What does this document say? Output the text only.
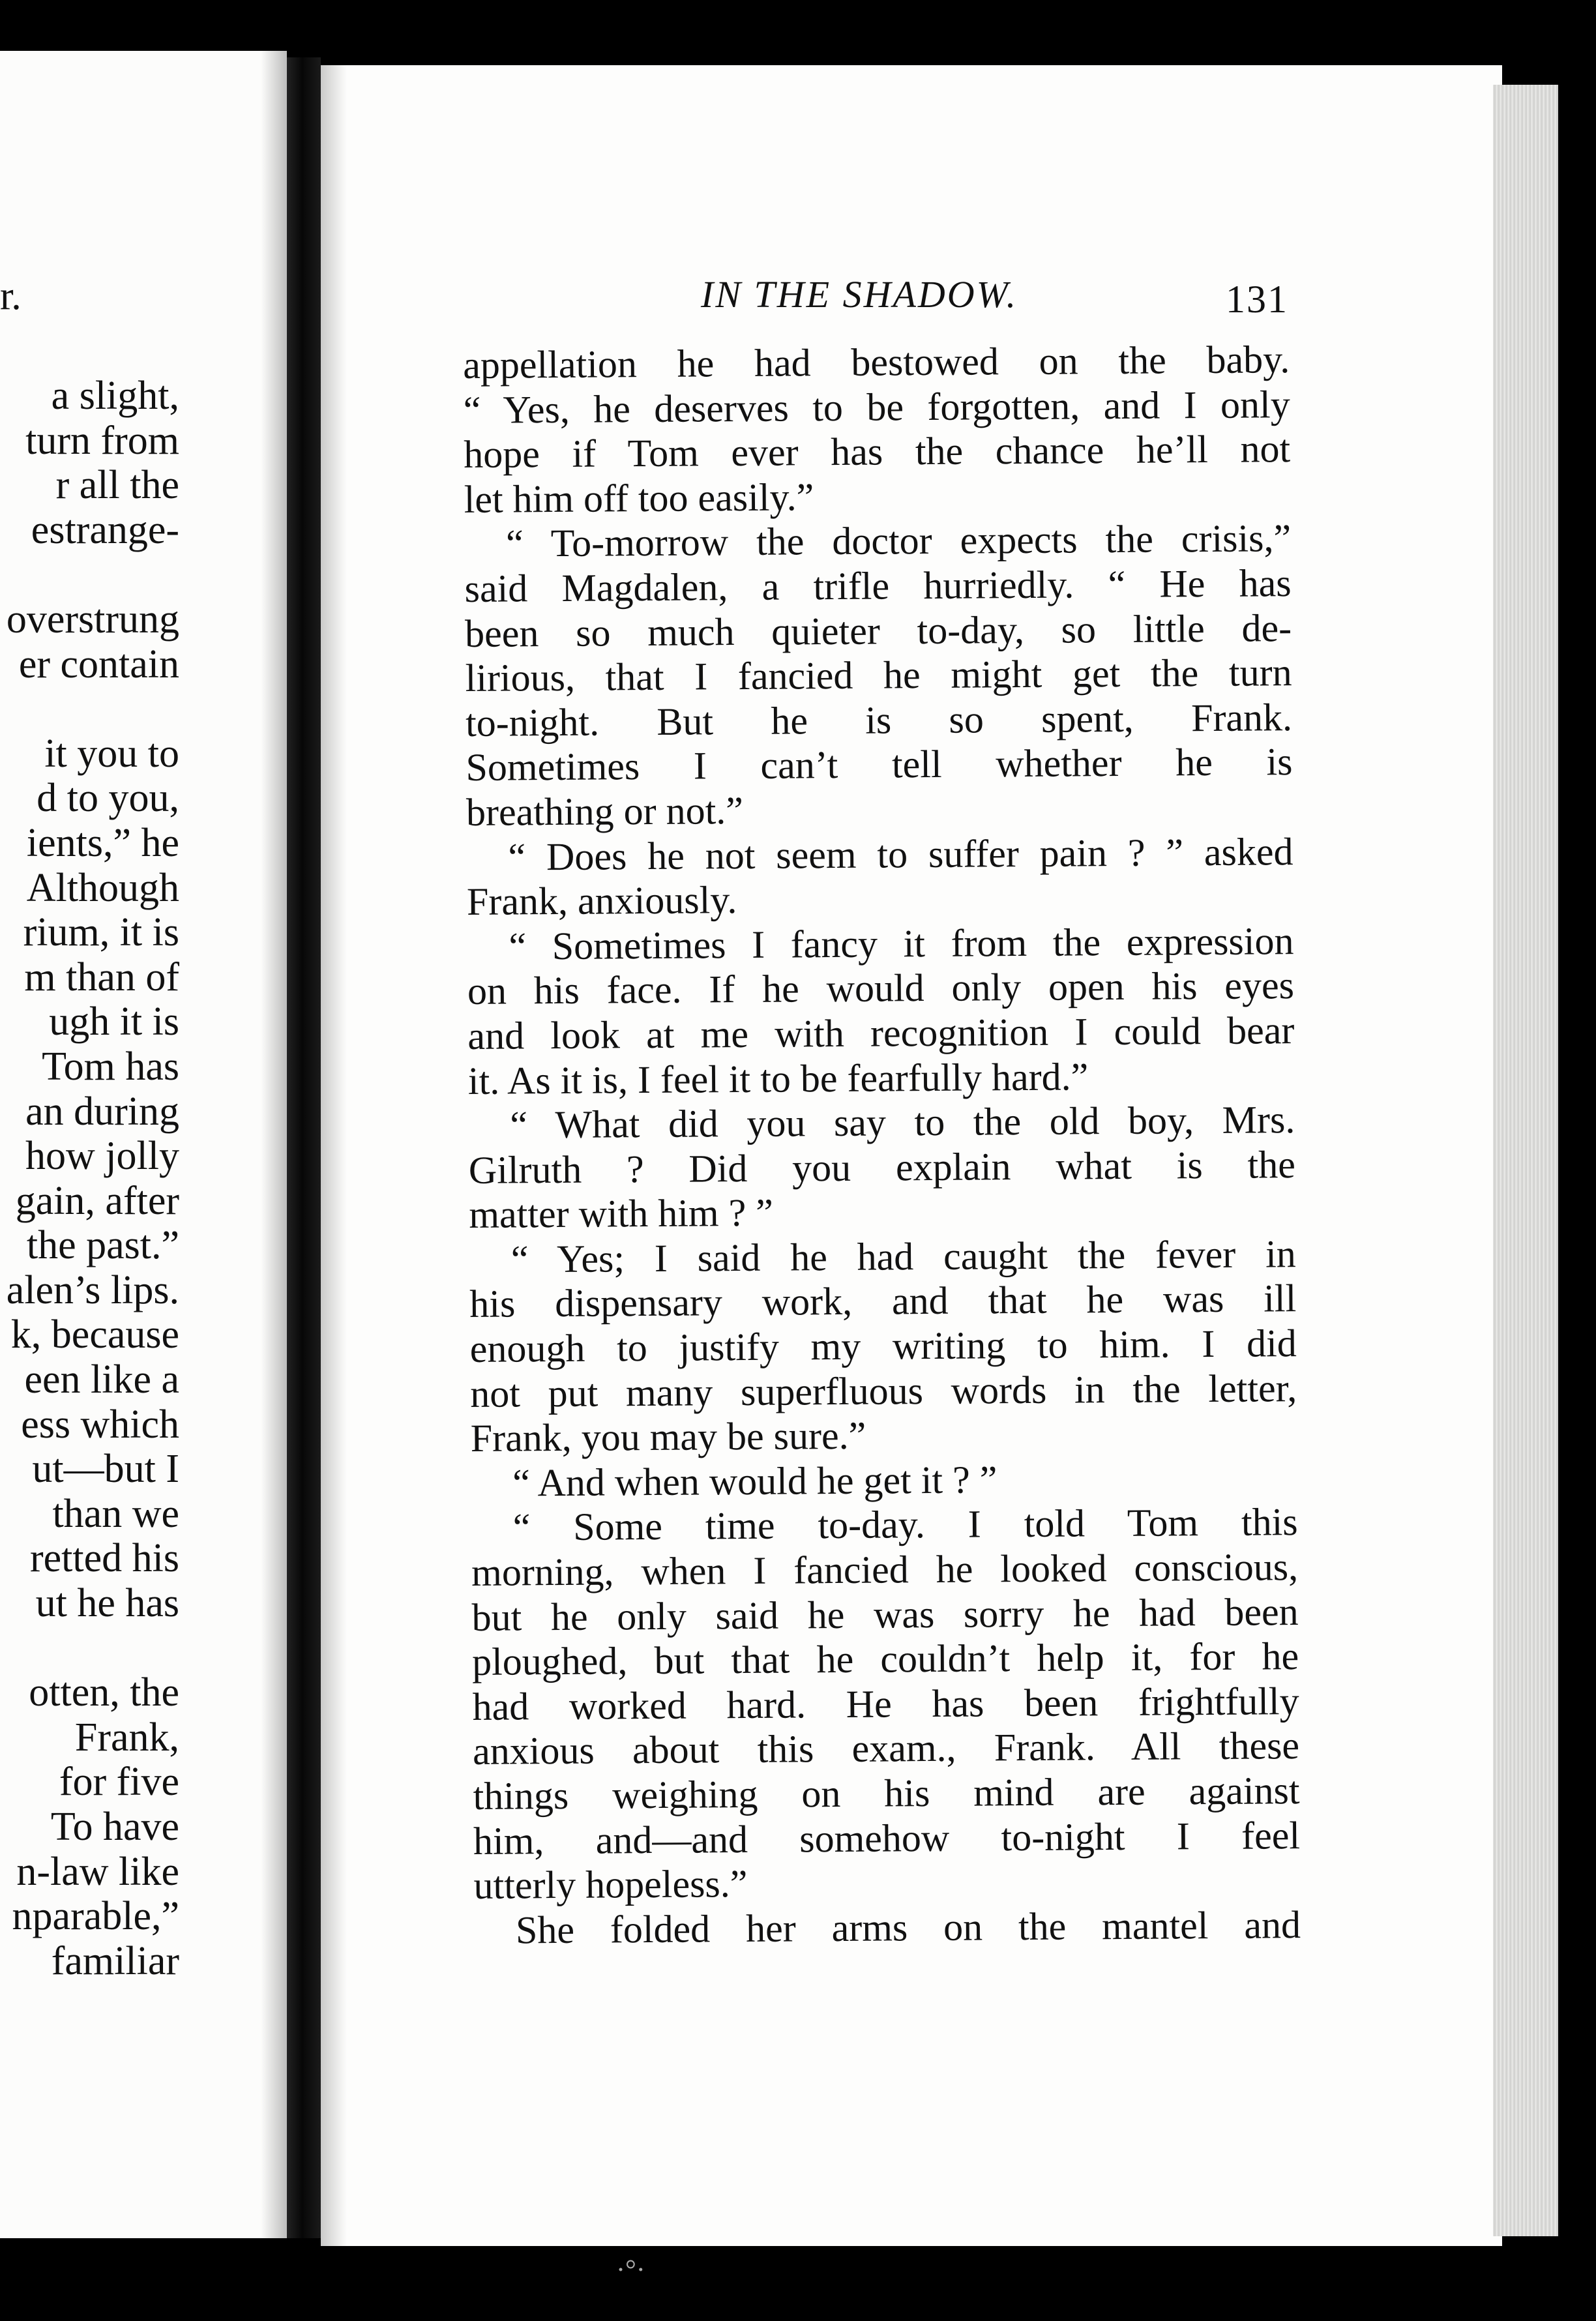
r.
a slight,
turn from
r all the
estrange-
overstrung
er contain
it you to
d to you,
ients,” he
Although
rium, it is
m than of
ugh it is
Tom has
an during
how jolly
gain, after
the past.”
alen’s lips.
k, because
een like a
ess which
ut—but I
than we
retted his
ut he has
otten, the
Frank,
for five
To have
n-law like
nparable,”
familiar
IN THE SHADOW.	131
appellation he had bestowed on the baby.
“ Yes, he deserves to be forgotten, and I only
hope if Tom ever has the chance he’ll not
let him off too easily.”
“ To-morrow the doctor expects the crisis,”
said Magdalen, a trifle hurriedly. “ He has
been so much quieter to-day, so little de-
lirious, that I fancied he might get the turn
to-night. But he is so spent, Frank.
Sometimes I can’t tell whether he is
breathing or not.”
“ Does he not seem to suffer pain ? ” asked
Frank, anxiously.
“ Sometimes I fancy it from the expression
on his face. If he would only open his eyes
and look at me with recognition I could bear
it. As it is, I feel it to be fearfully hard.”
“ What did you say to the old boy, Mrs.
Gilruth ? Did you explain what is the
matter with him ? ”
“ Yes; I said he had caught the fever in
his dispensary work, and that he was ill
enough to justify my writing to him. I did
not put many superfluous words in the letter,
Frank, you may be sure.”
“ And when would he get it ? ”
“ Some time to-day. I told Tom this
morning, when I fancied he looked conscious,
but he only said he was sorry he had been
ploughed, but that he couldn’t help it, for he
had worked hard. He has been frightfully
anxious about this exam., Frank. All these
things weighing on his mind are against
him, and—and somehow to-night I feel
utterly hopeless.”
She folded her arms on the mantel and
·°·
